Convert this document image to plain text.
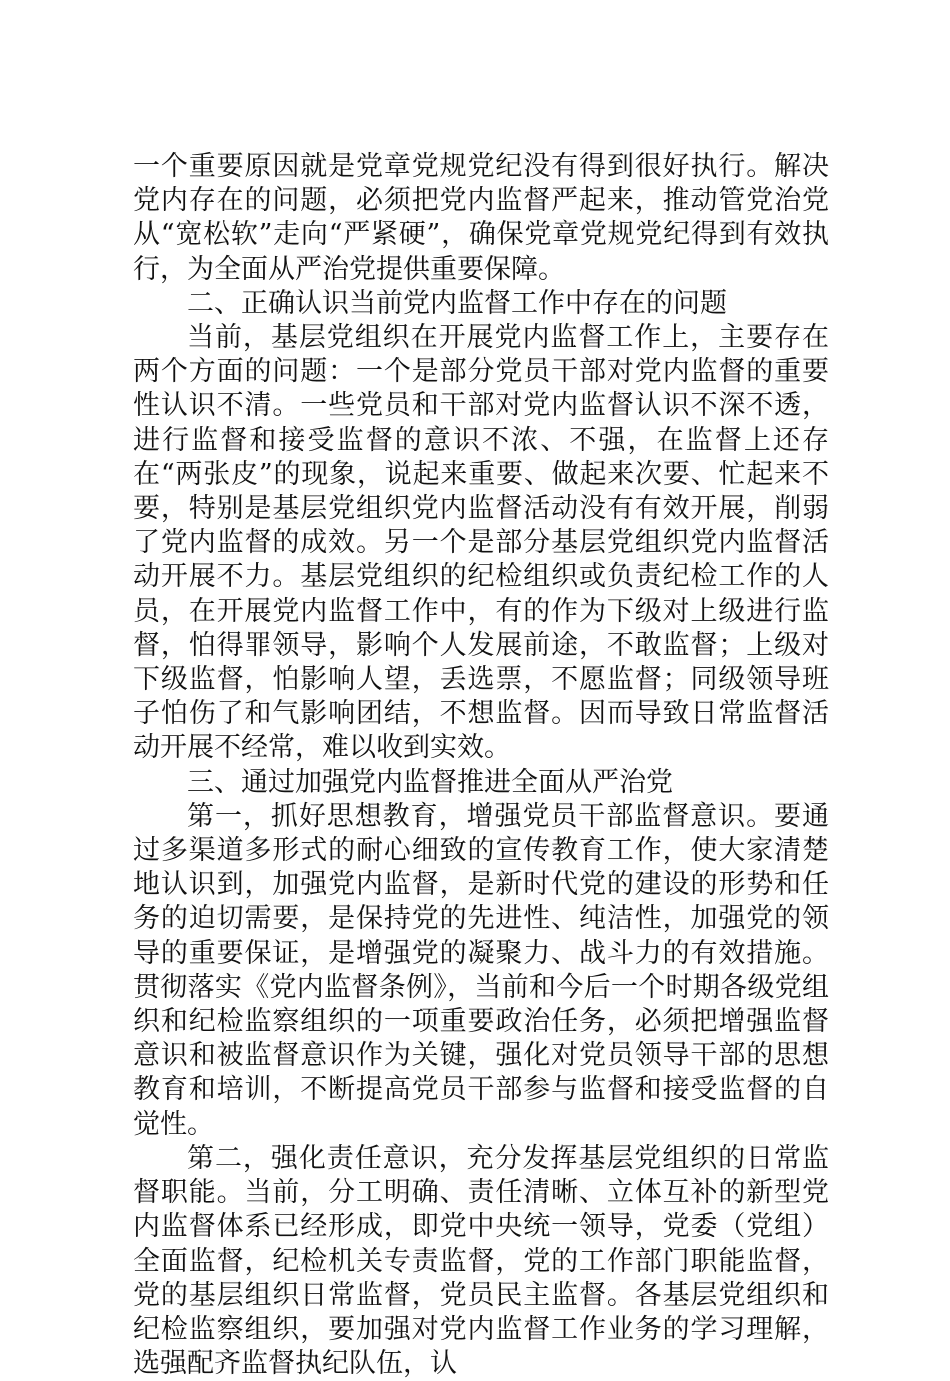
一个重要原因就是党章党规党纪没有得到很好执行。解决党内存在的问题，必须把党内监督严起来，推动管党治党从“宽松软”走向“严紧硬”，确保党章党规党纪得到有效执行，为全面从严治党提供重要保障。

二、正确认识当前党内监督工作中存在的问题

当前，基层党组织在开展党内监督工作上，主要存在两个方面的问题：一个是部分党员干部对党内监督的重要性认识不清。一些党员和干部对党内监督认识不深不透，进行监督和接受监督的意识不浓、不强，在监督上还存在“两张皮”的现象，说起来重要、做起来次要、忙起来不要，特别是基层党组织党内监督活动没有有效开展，削弱了党内监督的成效。另一个是部分基层党组织党内监督活动开展不力。基层党组织的纪检组织或负责纪检工作的人员，在开展党内监督工作中，有的作为下级对上级进行监督，怕得罪领导，影响个人发展前途，不敢监督；上级对下级监督，怕影响人望，丢选票，不愿监督；同级领导班子怕伤了和气影响团结，不想监督。因而导致日常监督活动开展不经常，难以收到实效。

三、通过加强党内监督推进全面从严治党

第一，抓好思想教育，增强党员干部监督意识。要通过多渠道多形式的耐心细致的宣传教育工作，使大家清楚地认识到，加强党内监督，是新时代党的建设的形势和任务的迫切需要，是保持党的先进性、纯洁性，加强党的领导的重要保证，是增强党的凝聚力、战斗力的有效措施。贯彻落实《党内监督条例》，当前和今后一个时期各级党组织和纪检监察组织的一项重要政治任务，必须把增强监督意识和被监督意识作为关键，强化对党员领导干部的思想教育和培训，不断提高党员干部参与监督和接受监督的自觉性。

第二，强化责任意识，充分发挥基层党组织的日常监督职能。当前，分工明确、责任清晰、立体互补的新型党内监督体系已经形成，即党中央统一领导，党委（党组）全面监督，纪检机关专责监督，党的工作部门职能监督，党的基层组织日常监督，党员民主监督。各基层党组织和纪检监察组织，要加强对党内监督工作业务的学习理解，选强配齐监督执纪队伍，认
